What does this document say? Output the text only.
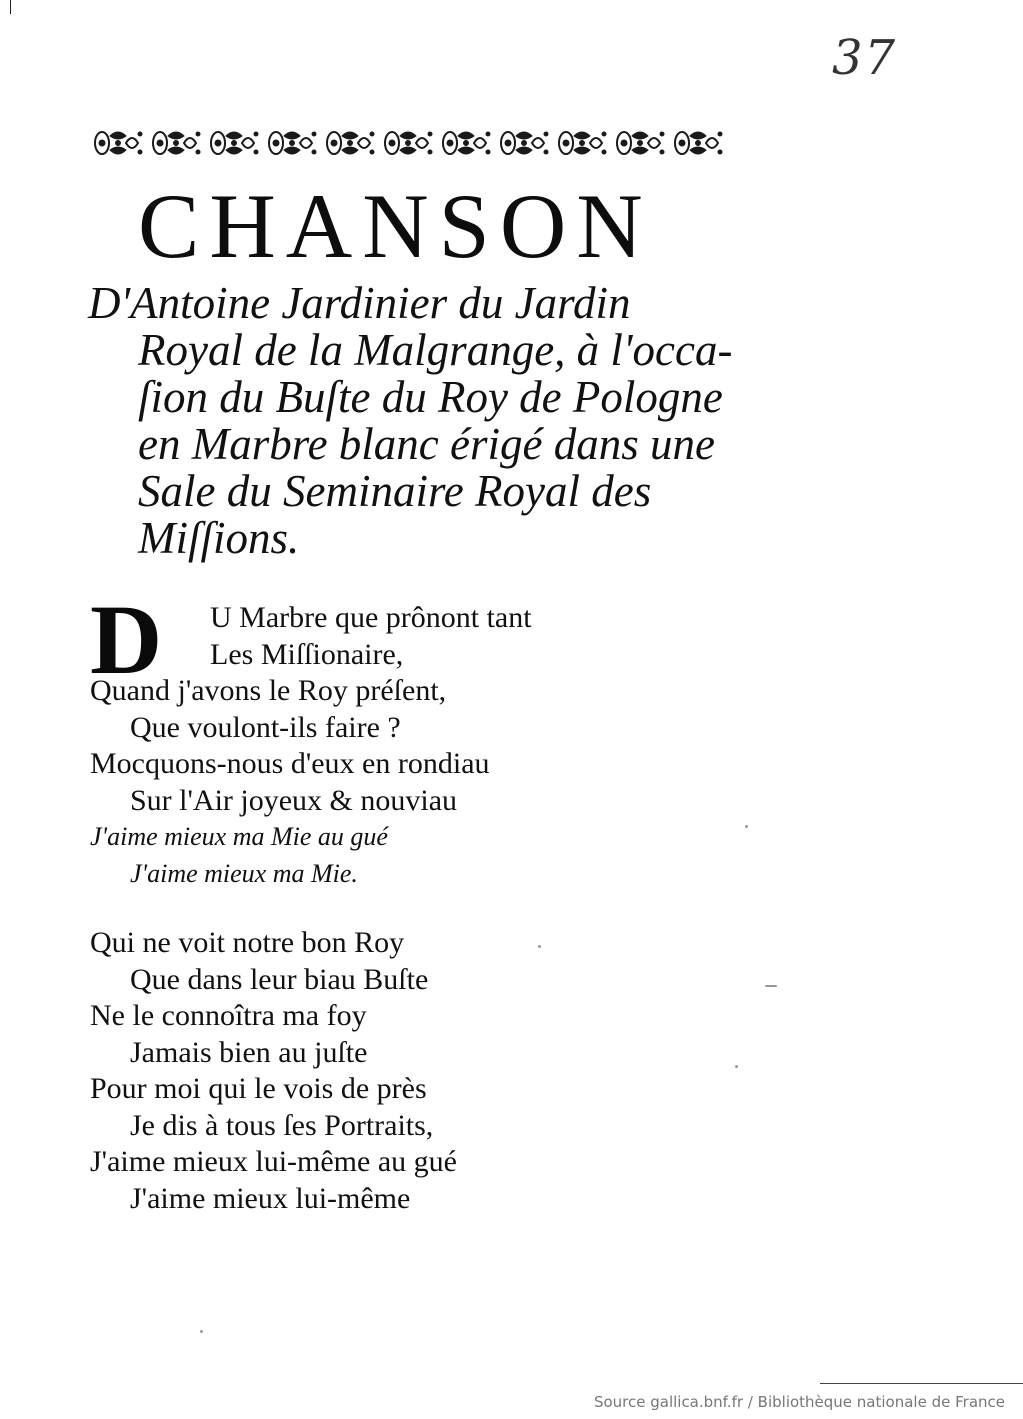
37
CHANSON
D'Antoine Jardinier du Jardin
Royal de la Malgrange, à l'occa-
ſion du Buſte du Roy de Pologne
en Marbre blanc érigé dans une
Sale du Seminaire Royal des
Miſſions.
D	U Marbre que prônont tant
Les Miſſionaire,
Quand j'avons le Roy préſent,
Que voulont-ils faire ?
Mocquons-nous d'eux en rondiau
Sur l'Air joyeux & nouviau
J'aime mieux ma Mie au gué
J'aime mieux ma Mie.
Qui ne voit notre bon Roy
Que dans leur biau Buſte
Ne le connoîtra ma foy
Jamais bien au juſte
Pour moi qui le vois de près
Je dis à tous ſes Portraits,
J'aime mieux lui-même au gué
J'aime mieux lui-même
Source gallica.bnf.fr / Bibliothèque nationale de France
